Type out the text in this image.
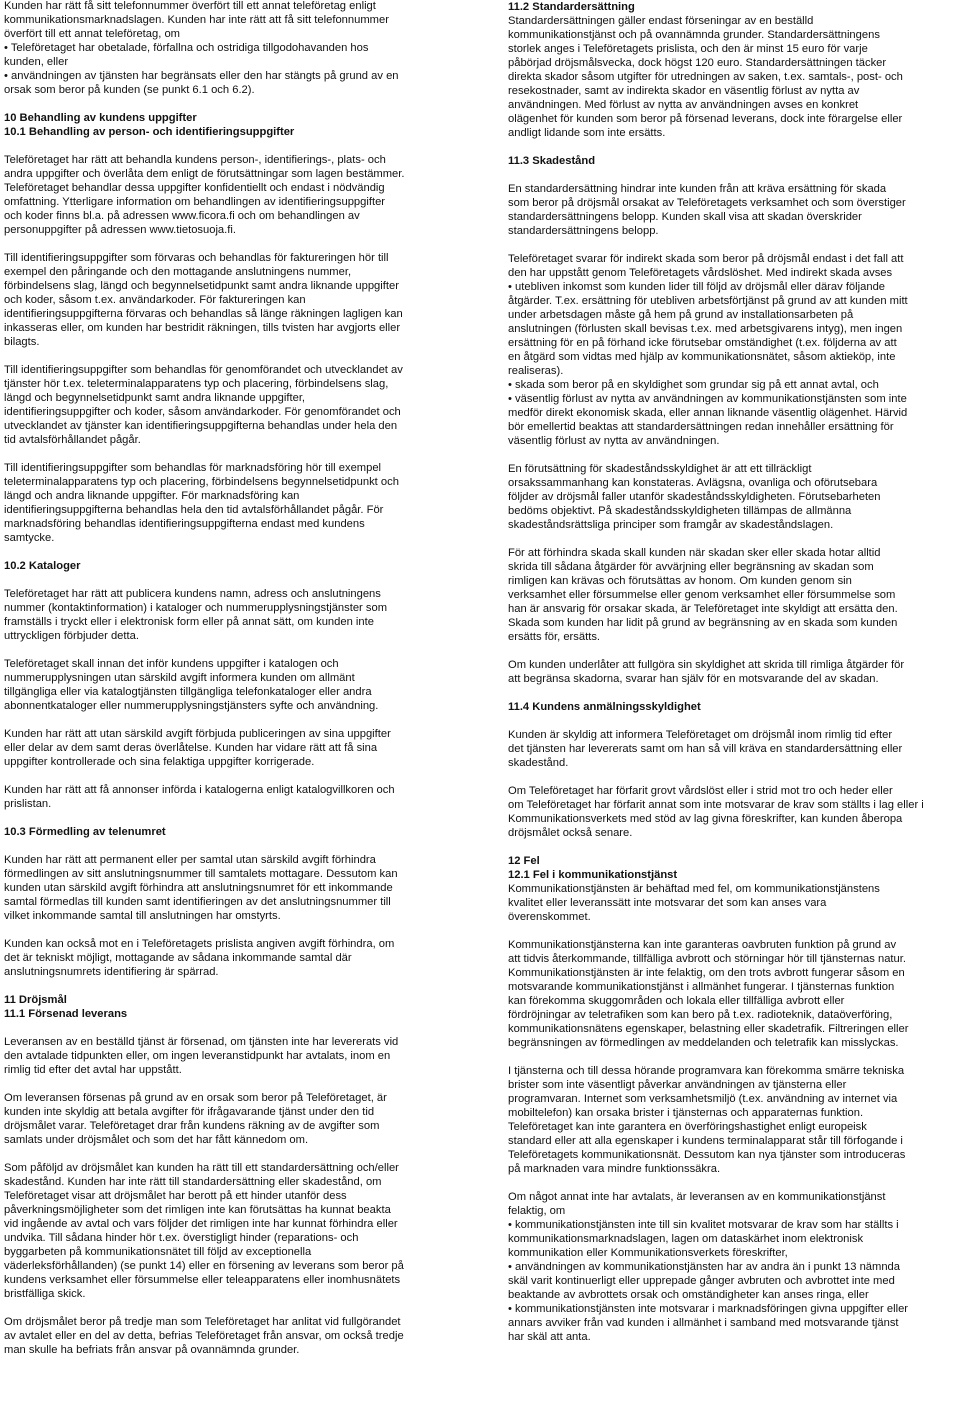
Kunden har rätt få sitt telefonnummer överfört till ett annat teleföretag enligt
kommunikationsmarknadslagen. Kunden har inte rätt att få sitt telefonnummer
överfört till ett annat teleföretag, om
• Teleföretaget har obetalade, förfallna och ostridiga tillgodohavanden hos
kunden, eller
• användningen av tjänsten har begränsats eller den har stängts på grund av en
orsak som beror på kunden (se punkt 6.1 och 6.2).

10 Behandling av kundens uppgifter

10.1 Behandling av person- och identifieringsuppgifter

Teleföretaget har rätt att behandla kundens person-, identifierings-, plats- och
andra uppgifter och överlåta dem enligt de förutsättningar som lagen bestämmer.
Teleföretaget behandlar dessa uppgifter konfidentiellt och endast i nödvändig
omfattning. Ytterligare information om behandlingen av identifieringsuppgifter
och koder finns bl.a. på adressen www.ficora.fi och om behandlingen av
personuppgifter på adressen www.tietosuoja.fi.

Till identifieringsuppgifter som förvaras och behandlas för faktureringen hör till
exempel den påringande och den mottagande anslutningens nummer,
förbindelsens slag, längd och begynnelsetidpunkt samt andra liknande uppgifter
och koder, såsom t.ex. användarkoder. För faktureringen kan
identifieringsuppgifterna förvaras och behandlas så länge räkningen lagligen kan
inkasseras eller, om kunden har bestridit räkningen, tills tvisten har avgjorts eller
bilagts.

Till identifieringsuppgifter som behandlas för genomförandet och utvecklandet av
tjänster hör t.ex. teleterminalapparatens typ och placering, förbindelsens slag,
längd och begynnelsetidpunkt samt andra liknande uppgifter,
identifieringsuppgifter och koder, såsom användarkoder. För genomförandet och
utvecklandet av tjänster kan identifieringsuppgifterna behandlas under hela den
tid avtalsförhållandet pågår.

Till identifieringsuppgifter som behandlas för marknadsföring hör till exempel
teleterminalapparatens typ och placering, förbindelsens begynnelsetidpunkt och
längd och andra liknande uppgifter. För marknadsföring kan
identifieringsuppgifterna behandlas hela den tid avtalsförhållandet pågår. För
marknadsföring behandlas identifieringsuppgifterna endast med kundens
samtycke.

10.2 Kataloger

Teleföretaget har rätt att publicera kundens namn, adress och anslutningens
nummer (kontaktinformation) i kataloger och nummerupplysningstjänster som
framställs i tryckt eller i elektronisk form eller på annat sätt, om kunden inte
uttryckligen förbjuder detta.

Teleföretaget skall innan det inför kundens uppgifter i katalogen och
nummerupplysningen utan särskild avgift informera kunden om allmänt
tillgängliga eller via katalogtjänsten tillgängliga telefonkataloger eller andra
abonnentkataloger eller nummerupplysningstjänsters syfte och användning.

Kunden har rätt att utan särskild avgift förbjuda publiceringen av sina uppgifter
eller delar av dem samt deras överlåtelse. Kunden har vidare rätt att få sina
uppgifter kontrollerade och sina felaktiga uppgifter korrigerade.

Kunden har rätt att få annonser införda i katalogerna enligt katalogvillkoren och
prislistan.

10.3 Förmedling av telenumret

Kunden har rätt att permanent eller per samtal utan särskild avgift förhindra
förmedlingen av sitt anslutningsnummer till samtalets mottagare. Dessutom kan
kunden utan särskild avgift förhindra att anslutningsnumret för ett inkommande
samtal förmedlas till kunden samt identifieringen av det anslutningsnummer till
vilket inkommande samtal till anslutningen har omstyrts.

Kunden kan också mot en i Teleföretagets prislista angiven avgift förhindra, om
det är tekniskt möjligt, mottagande av sådana inkommande samtal där
anslutningsnumrets identifiering är spärrad.

11 Dröjsmål

11.1 Försenad leverans

Leveransen av en beställd tjänst är försenad, om tjänsten inte har levererats vid
den avtalade tidpunkten eller, om ingen leveranstidpunkt har avtalats, inom en
rimlig tid efter det avtal har uppstått.

Om leveransen försenas på grund av en orsak som beror på Teleföretaget, är
kunden inte skyldig att betala avgifter för ifrågavarande tjänst under den tid
dröjsmålet varar. Teleföretaget drar från kundens räkning av de avgifter som
samlats under dröjsmålet och som det har fått kännedom om.

Som påföljd av dröjsmålet kan kunden ha rätt till ett standardersättning och/eller
skadestånd. Kunden har inte rätt till standardersättning eller skadestånd, om
Teleföretaget visar att dröjsmålet har berott på ett hinder utanför dess
påverkningsmöjligheter som det rimligen inte kan förutsättas ha kunnat beakta
vid ingående av avtal och vars följder det rimligen inte har kunnat förhindra eller
undvika. Till sådana hinder hör t.ex. överstigligt hinder (reparations- och
byggarbeten på kommunikationsnätet till följd av exceptionella
väderleksförhållanden) (se punkt 14) eller en försening av leverans som beror på
kundens verksamhet eller försummelse eller teleapparatens eller inomhusnätets
bristfälliga skick.

Om dröjsmålet beror på tredje man som Teleföretaget har anlitat vid fullgörandet
av avtalet eller en del av detta, befrias Teleföretaget från ansvar, om också tredje
man skulle ha befriats från ansvar på ovannämnda grunder.

11.2 Standardersättning

Standardersättningen gäller endast förseningar av en beställd
kommunikationstjänst och på ovannämnda grunder. Standardersättningens
storlek anges i Teleföretagets prislista, och den är minst 15 euro för varje
påbörjad dröjsmålsvecka, dock högst 120 euro. Standardersättningen täcker
direkta skador såsom utgifter för utredningen av saken, t.ex. samtals-, post- och
resekostnader, samt av indirekta skador en väsentlig förlust av nytta av
användningen. Med förlust av nytta av användningen avses en konkret
olägenhet för kunden som beror på försenad leverans, dock inte förargelse eller
andligt lidande som inte ersätts.

11.3 Skadestånd

En standardersättning hindrar inte kunden från att kräva ersättning för skada
som beror på dröjsmål orsakat av Teleföretagets verksamhet och som överstiger
standardersättningens belopp. Kunden skall visa att skadan överskrider
standardersättningens belopp.

Teleföretaget svarar för indirekt skada som beror på dröjsmål endast i det fall att
den har uppstått genom Teleföretagets vårdslöshet. Med indirekt skada avses
• utebliven inkomst som kunden lider till följd av dröjsmål eller därav följande
åtgärder. T.ex. ersättning för utebliven arbetsförtjänst på grund av att kunden mitt
under arbetsdagen måste gå hem på grund av installationsarbeten på
anslutningen (förlusten skall bevisas t.ex. med arbetsgivarens intyg), men ingen
ersättning för en på förhand icke förutsebar omständighet (t.ex. följderna av att
en åtgärd som vidtas med hjälp av kommunikationsnätet, såsom aktieköp, inte
realiseras).
• skada som beror på en skyldighet som grundar sig på ett annat avtal, och
• väsentlig förlust av nytta av användningen av kommunikationstjänsten som inte
medför direkt ekonomisk skada, eller annan liknande väsentlig olägenhet. Härvid
bör emellertid beaktas att standardersättningen redan innehåller ersättning för
väsentlig förlust av nytta av användningen.

En förutsättning för skadeståndsskyldighet är att ett tillräckligt
orsakssammanhang kan konstateras. Avlägsna, ovanliga och oförutsebara
följder av dröjsmål faller utanför skadeståndsskyldigheten. Förutsebarheten
bedöms objektivt. På skadeståndsskyldigheten tillämpas de allmänna
skadeståndsrättsliga principer som framgår av skadeståndslagen.

För att förhindra skada skall kunden när skadan sker eller skada hotar alltid
skrida till sådana åtgärder för avvärjning eller begränsning av skadan som
rimligen kan krävas och förutsättas av honom. Om kunden genom sin
verksamhet eller försummelse eller genom verksamhet eller försummelse som
han är ansvarig för orsakar skada, är Teleföretaget inte skyldigt att ersätta den.
Skada som kunden har lidit på grund av begränsning av en skada som kunden
ersätts för, ersätts.

Om kunden underlåter att fullgöra sin skyldighet att skrida till rimliga åtgärder för
att begränsa skadorna, svarar han själv för en motsvarande del av skadan.

11.4 Kundens anmälningsskyldighet

Kunden är skyldig att informera Teleföretaget om dröjsmål inom rimlig tid efter
det tjänsten har levererats samt om han så vill kräva en standardersättning eller
skadestånd.

Om Teleföretaget har förfarit grovt vårdslöst eller i strid mot tro och heder eller
om Teleföretaget har förfarit annat som inte motsvarar de krav som ställts i lag eller i
Kommunikationsverkets med stöd av lag givna föreskrifter, kan kunden åberopa
dröjsmålet också senare.

12 Fel

12.1 Fel i kommunikationstjänst

Kommunikationstjänsten är behäftad med fel, om kommunikationstjänstens
kvalitet eller leveranssätt inte motsvarar det som kan anses vara
överenskommet.

Kommunikationstjänsterna kan inte garanteras oavbruten funktion på grund av
att tidvis återkommande, tillfälliga avbrott och störningar hör till tjänsternas natur.
Kommunikationstjänsten är inte felaktig, om den trots avbrott fungerar såsom en
motsvarande kommunikationstjänst i allmänhet fungerar. I tjänsternas funktion
kan förekomma skuggområden och lokala eller tillfälliga avbrott eller
fördröjningar av teletrafiken som kan bero på t.ex. radioteknik, dataöverföring,
kommunikationsnätens egenskaper, belastning eller skadetrafik. Filtreringen eller
begränsningen av förmedlingen av meddelanden och teletrafik kan misslyckas.

I tjänsterna och till dessa hörande programvara kan förekomma smärre tekniska
brister som inte väsentligt påverkar användningen av tjänsterna eller
programvaran. Internet som verksamhetsmiljö (t.ex. användning av internet via
mobiltelefon) kan orsaka brister i tjänsternas och apparaternas funktion.
Teleföretaget kan inte garantera en överföringshastighet enligt europeisk
standard eller att alla egenskaper i kundens terminalapparat står till förfogande i
Teleföretagets kommunikationsnät. Dessutom kan nya tjänster som introduceras
på marknaden vara mindre funktionssäkra.

Om något annat inte har avtalats, är leveransen av en kommunikationstjänst
felaktig, om
• kommunikationstjänsten inte till sin kvalitet motsvarar de krav som har ställts i
kommunikationsmarknadslagen, lagen om dataskärhet inom elektronisk
kommunikation eller Kommunikationsverkets föreskrifter,
• användningen av kommunikationstjänsten har av andra än i punkt 13 nämnda
skäl varit kontinuerligt eller upprepade gånger avbruten och avbrottet inte med
beaktande av avbrottets orsak och omständigheter kan anses ringa, eller
• kommunikationstjänsten inte motsvarar i marknadsföringen givna uppgifter eller
annars avviker från vad kunden i allmänhet i samband med motsvarande tjänst
har skäl att anta.
